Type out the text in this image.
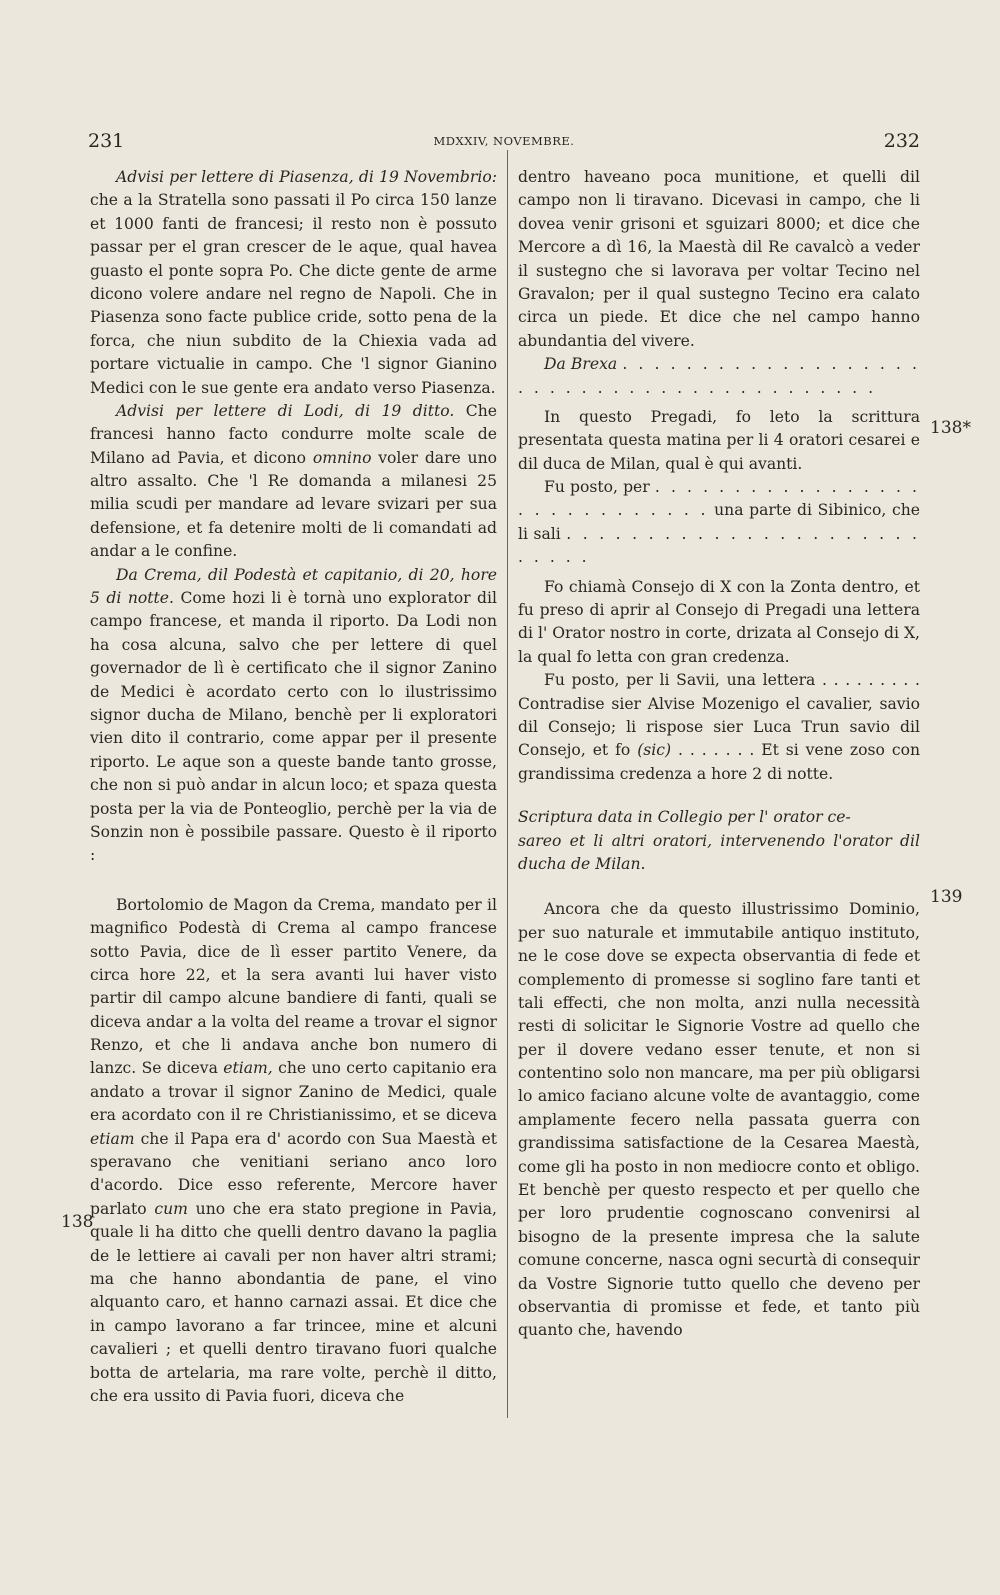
231	MDXXIV, NOVEMBRE.	232
138
138*
139

Advisi per lettere di Piasenza, di 19 Novembrio: che a la Stratella sono passati il Po circa 150 lanze et 1000 fanti de francesi; il resto non è possuto passar per el gran crescer de le aque, qual havea guasto el ponte sopra Po. Che dicte gente de arme dicono volere andare nel regno de Napoli. Che in Piasenza sono facte publice cride, sotto pena de la forca, che niun subdito de la Chiexia vada ad portare victualie in campo. Che 'l signor Gianino Medici con le sue gente era andato verso Piasenza.

Advisi per lettere di Lodi, di 19 ditto. Che francesi hanno facto condurre molte scale de Milano ad Pavia, et dicono omnino voler dare uno altro assalto. Che 'l Re domanda a milanesi 25 milia scudi per mandare ad levare svizari per sua defensione, et fa detenire molti de li comandati ad andar a le confine.

Da Crema, dil Podestà et capitanio, di 20, hore 5 di notte. Come hozi li è tornà uno explorator dil campo francese, et manda il riporto. Da Lodi non ha cosa alcuna, salvo che per lettere di quel governador de lì è certificato che il signor Zanino de Medici è acordato certo con lo ilustrissimo signor ducha de Milano, benchè per li exploratori vien dito il contrario, come appar per il presente riporto. Le aque son a queste bande tanto grosse, che non si può andar in alcun loco; et spaza questa posta per la via de Ponteoglio, perchè per la via de Sonzin non è possibile passare. Questo è il riporto :

Bortolomio de Magon da Crema, mandato per il magnifico Podestà di Crema al campo francese sotto Pavia, dice de lì esser partito Venere, da circa hore 22, et la sera avanti lui haver visto partir dil campo alcune bandiere di fanti, quali se diceva andar a la volta del reame a trovar el signor Renzo, et che li andava anche bon numero di lanzc. Se diceva etiam, che uno certo capitanio era andato a trovar il signor Zanino de Medici, quale era acordato con il re Christianissimo, et se diceva etiam che il Papa era d' acordo con Sua Maestà et speravano che venitiani seriano anco loro d'acordo. Dice esso referente, Mercore haver parlato cum uno che era stato pregione in Pavia, quale li ha ditto che quelli dentro davano la paglia de le lettiere ai cavali per non haver altri strami; ma che hanno abondantia de pane, el vino alquanto caro, et hanno carnazi assai. Et dice che in campo lavorano a far trincee, mine et alcuni cavalieri ; et quelli dentro tiravano fuori qualche botta de artelaria, ma rare volte, perchè il ditto, che era ussito di Pavia fuori, diceva che

dentro haveano poca munitione, et quelli dil campo non li tiravano. Dicevasi in campo, che li dovea venir grisoni et sguizari 8000; et dice che Mercore a dì 16, la Maestà dil Re cavalcò a veder il sustegno che si lavorava per voltar Tecino nel Gravalon; per il qual sustegno Tecino era calato circa un piede. Et dice che nel campo hanno abundantia del vivere.

Da Brexa . . . . . . . . . . . . . . . . . . . . . . . . . . . . . . . . . . . . . . . . . .

In questo Pregadi, fo leto la scrittura presentata questa matina per li 4 oratori cesarei e dil duca de Milan, qual è qui avanti.

Fu posto, per . . . . . . . . . . . . . . . . . . . . . . . . . . . . . una parte di Sibinico, che li sali . . . . . . . . . . . . . . . . . . . . . . . . . . .

Fo chiamà Consejo di X con la Zonta dentro, et fu preso di aprir al Consejo di Pregadi una lettera di l' Orator nostro in corte, drizata al Consejo di X, la qual fo letta con gran credenza.

Fu posto, per li Savii, una lettera . . . . . . . . . Contradise sier Alvise Mozenigo el cavalier, savio dil Consejo; li rispose sier Luca Trun savio dil Consejo, et fo (sic) . . . . . . . Et si vene zoso con grandissima credenza a hore 2 di notte.

Scriptura data in Collegio per l' orator ce-

sareo et li altri oratori, intervenendo l'orator dil ducha de Milan.

Ancora che da questo illustrissimo Dominio, per suo naturale et immutabile antiquo instituto, ne le cose dove se expecta observantia di fede et complemento di promesse si soglino fare tanti et tali effecti, che non molta, anzi nulla necessità resti di solicitar le Signorie Vostre ad quello che per il dovere vedano esser tenute, et non si contentino solo non mancare, ma per più obligarsi lo amico faciano alcune volte de avantaggio, come amplamente fecero nella passata guerra con grandissima satisfactione de la Cesarea Maestà, come gli ha posto in non mediocre conto et obligo. Et benchè per questo respecto et per quello che per loro prudentie cognoscano convenirsi al bisogno de la presente impresa che la salute comune concerne, nasca ogni securtà di consequir da Vostre Signorie tutto quello che deveno per observantia di promisse et fede, et tanto più quanto che, havendo
